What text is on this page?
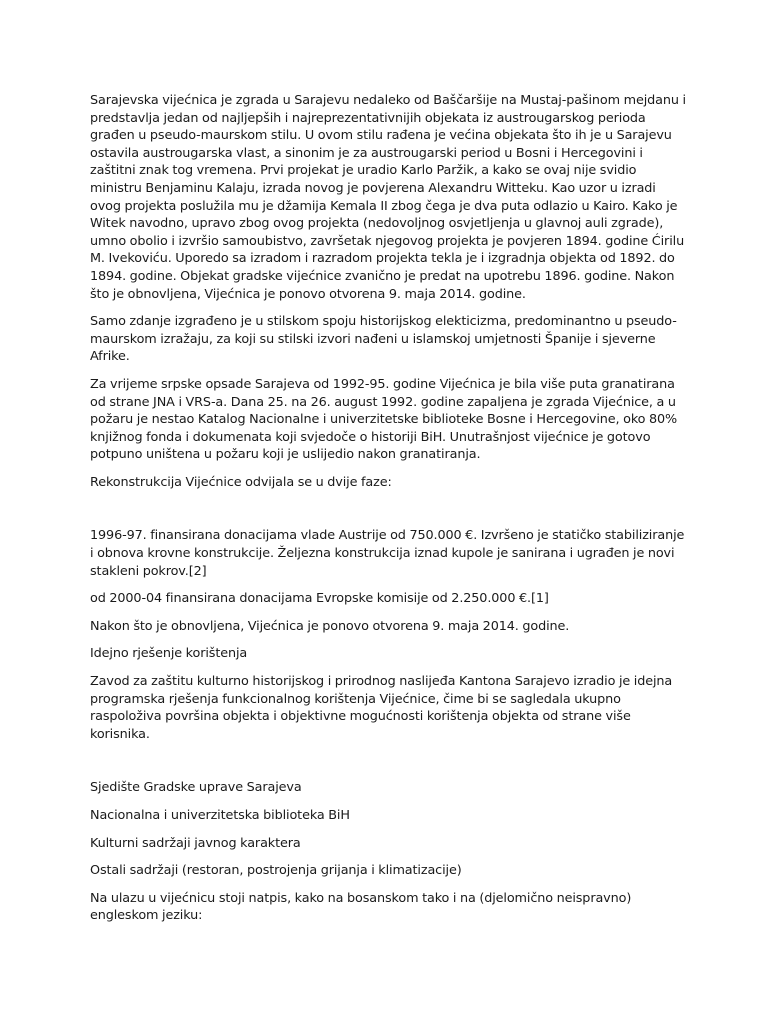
Sarajevska vijećnica je zgrada u Sarajevu nedaleko od Baščaršije na Mustaj-pašinom mejdanu i predstavlja jedan od najljepših i najreprezentativnijih objekata iz austrougarskog perioda građen u pseudo-maurskom stilu. U ovom stilu rađena je većina objekata što ih je u Sarajevu ostavila austrougarska vlast, a sinonim je za austrougarski period u Bosni i Hercegovini i zaštitni znak tog vremena. Prvi projekat je uradio Karlo Paržik, a kako se ovaj nije svidio ministru Benjaminu Kalaju, izrada novog je povjerena Alexandru Witteku. Kao uzor u izradi ovog projekta poslužila mu je džamija Kemala II zbog čega je dva puta odlazio u Kairo. Kako je Witek navodno, upravo zbog ovog projekta (nedovoljnog osvjetljenja u glavnoj auli zgrade), umno obolio i izvršio samoubistvo, završetak njegovog projekta je povjeren 1894. godine Ćirilu M. Ivekoviću. Uporedo sa izradom i razradom projekta tekla je i izgradnja objekta od 1892. do 1894. godine. Objekat gradske vijećnice zvanično je predat na upotrebu 1896. godine. Nakon što je obnovljena, Vijećnica je ponovo otvorena 9. maja 2014. godine.

Samo zdanje izgrađeno je u stilskom spoju historijskog elekticizma, predominantno u pseudo-maurskom izražaju, za koji su stilski izvori nađeni u islamskoj umjetnosti Španije i sjeverne Afrike.

Za vrijeme srpske opsade Sarajeva od 1992-95. godine Vijećnica je bila više puta granatirana od strane JNA i VRS-a. Dana 25. na 26. august 1992. godine zapaljena je zgrada Vijećnice, a u požaru je nestao Katalog Nacionalne i univerzitetske biblioteke Bosne i Hercegovine, oko 80% knjižnog fonda i dokumenata koji svjedoče o historiji BiH. Unutrašnjost vijećnice je gotovo potpuno uništena u požaru koji je uslijedio nakon granatiranja.

Rekonstrukcija Vijećnice odvijala se u dvije faze:

1996-97. finansirana donacijama vlade Austrije od 750.000 €. Izvršeno je statičko stabiliziranje i obnova krovne konstrukcije. Željezna konstrukcija iznad kupole je sanirana i ugrađen je novi stakleni pokrov.[2]

od 2000-04 finansirana donacijama Evropske komisije od 2.250.000 €.[1]

Nakon što je obnovljena, Vijećnica je ponovo otvorena 9. maja 2014. godine.

Idejno rješenje korištenja

Zavod za zaštitu kulturno historijskog i prirodnog naslijeđa Kantona Sarajevo izradio je idejna programska rješenja funkcionalnog korištenja Vijećnice, čime bi se sagledala ukupno raspoloživa površina objekta i objektivne mogućnosti korištenja objekta od strane više korisnika.

Sjedište Gradske uprave Sarajeva

Nacionalna i univerzitetska biblioteka BiH

Kulturni sadržaji javnog karaktera

Ostali sadržaji (restoran, postrojenja grijanja i klimatizacije)

Na ulazu u vijećnicu stoji natpis, kako na bosanskom tako i na (djelomično neispravno) engleskom jeziku:
